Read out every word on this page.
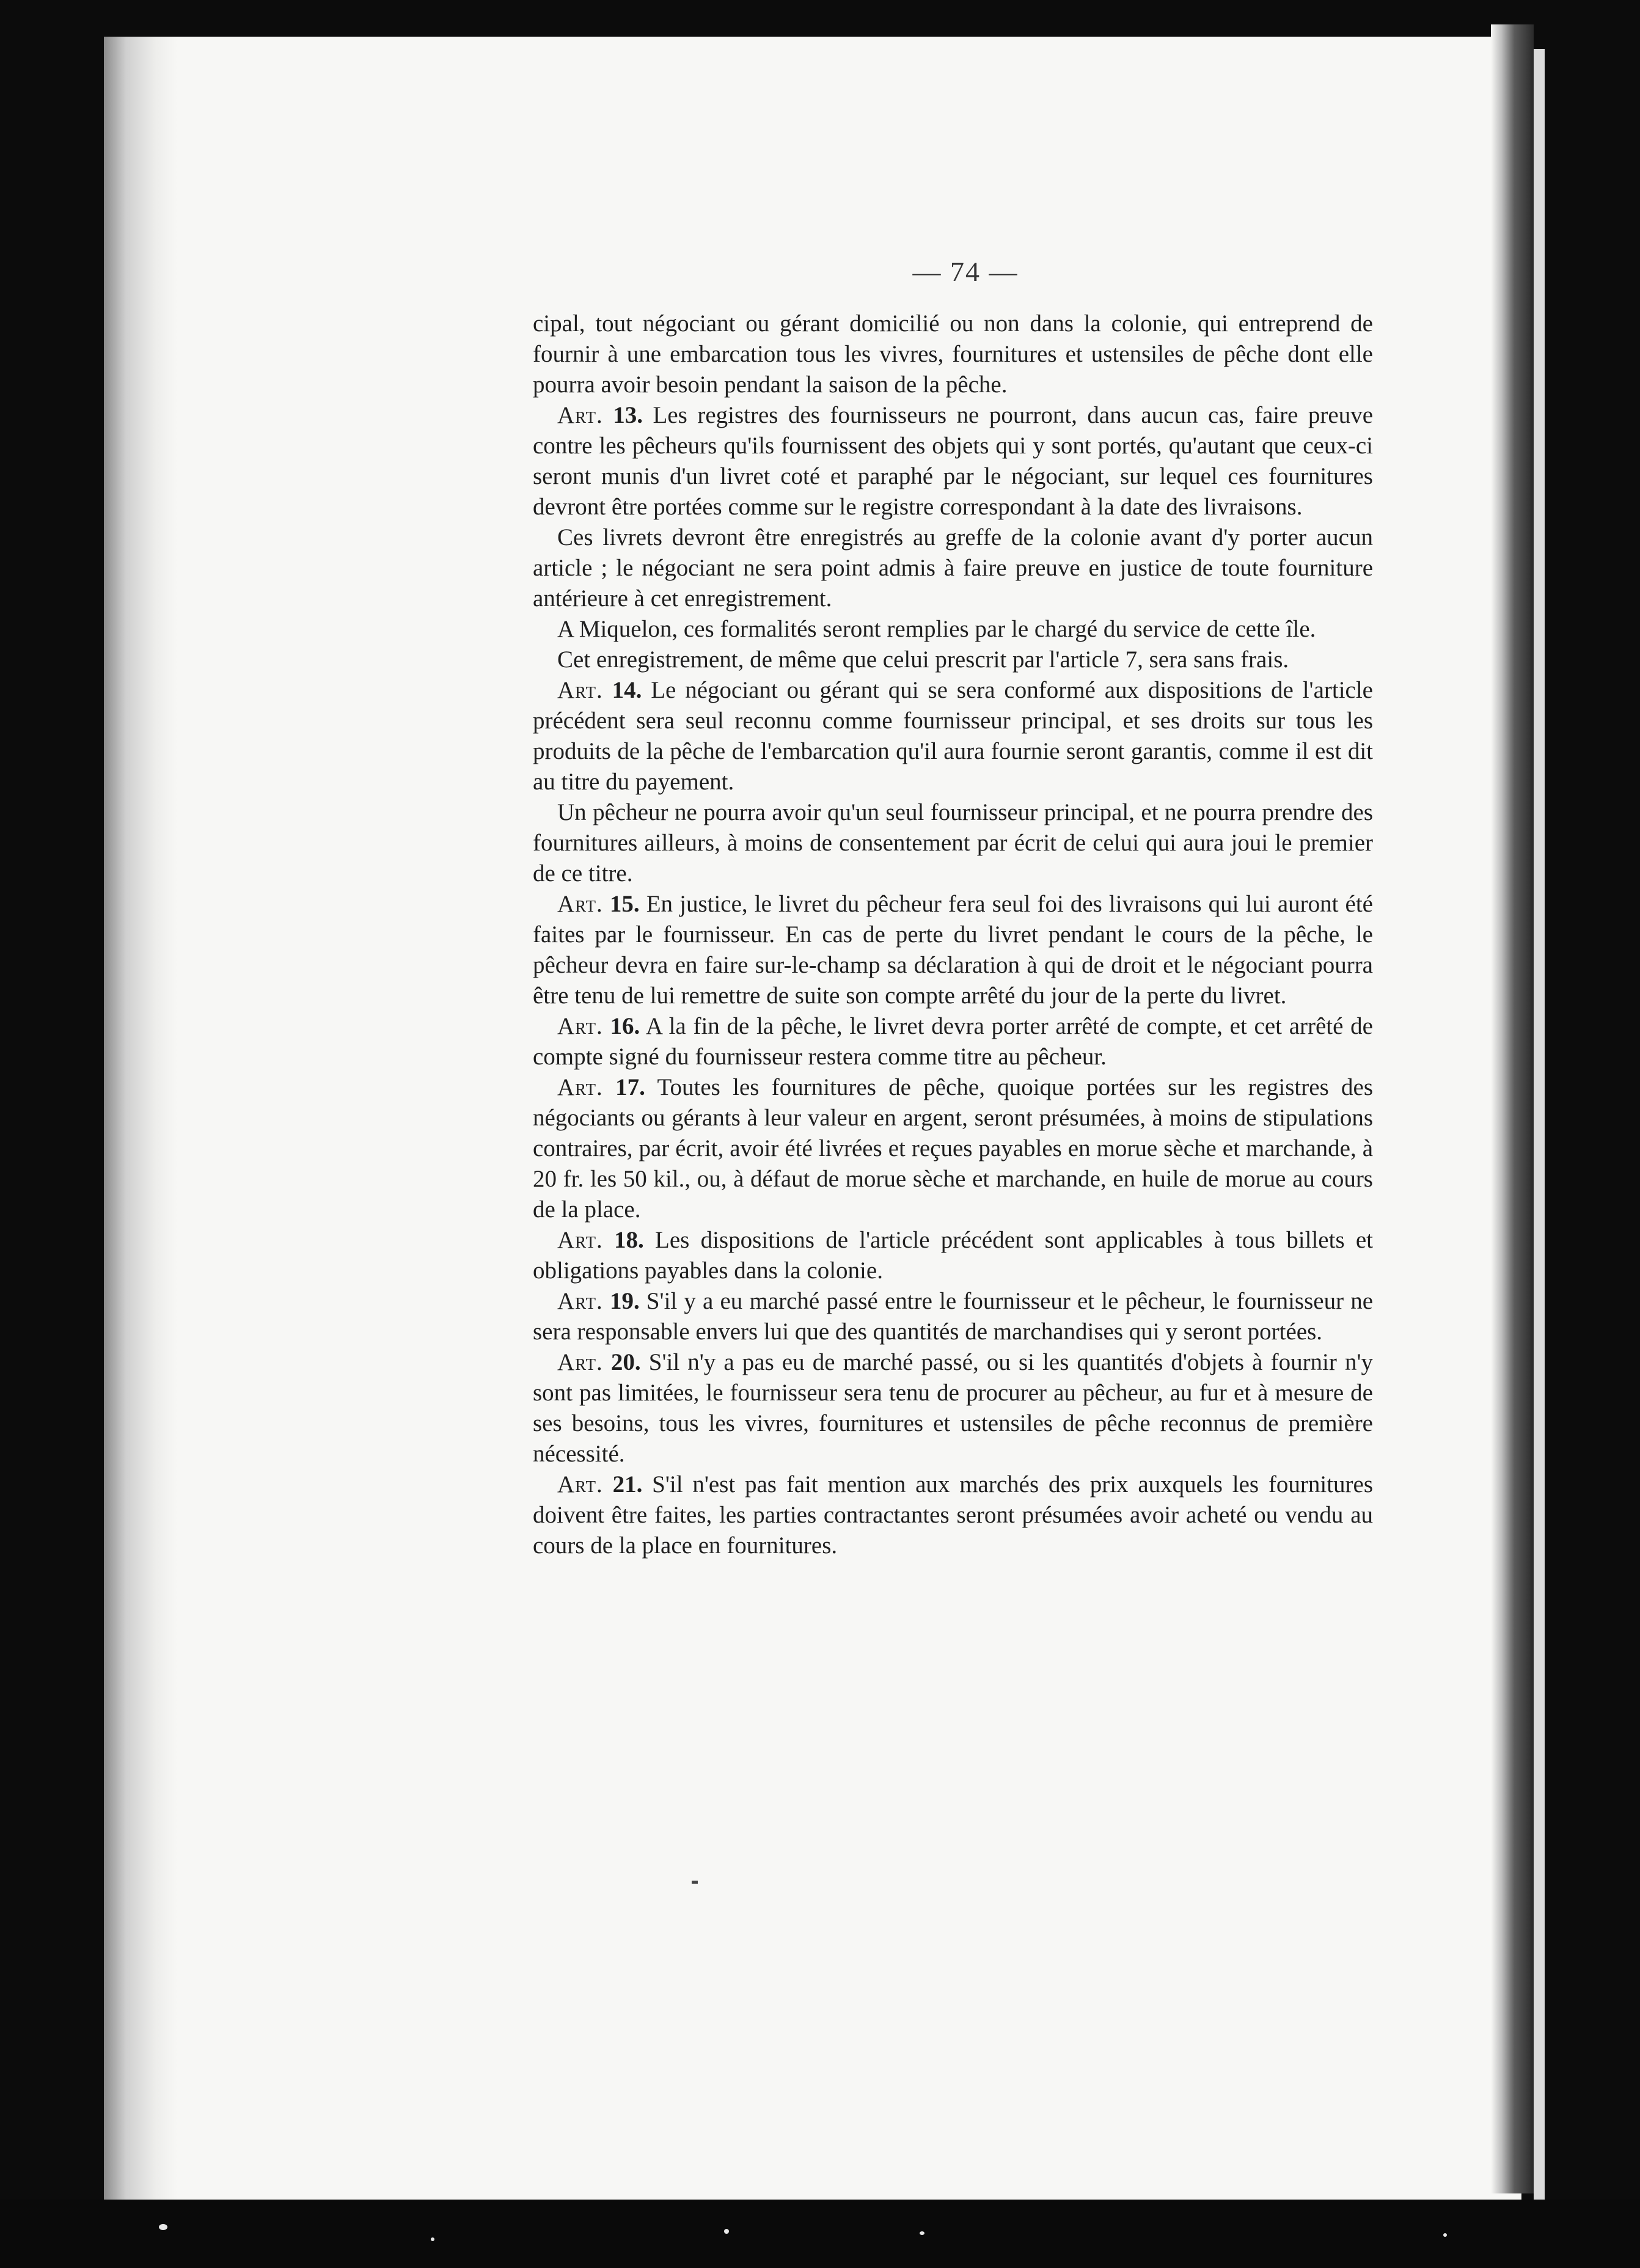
— 74 —

cipal, tout négociant ou gérant domicilié ou non dans la colonie, qui entreprend de fournir à une embarcation tous les vivres, fournitures et ustensiles de pêche dont elle pourra avoir besoin pendant la saison de la pêche.

Art. 13. Les registres des fournisseurs ne pourront, dans aucun cas, faire preuve contre les pêcheurs qu'ils fournissent des objets qui y sont portés, qu'autant que ceux-ci seront munis d'un livret coté et paraphé par le négociant, sur lequel ces fournitures devront être portées comme sur le registre correspondant à la date des livraisons.

Ces livrets devront être enregistrés au greffe de la colonie avant d'y porter aucun article ; le négociant ne sera point admis à faire preuve en justice de toute fourniture antérieure à cet enregistrement.

A Miquelon, ces formalités seront remplies par le chargé du service de cette île.

Cet enregistrement, de même que celui prescrit par l'article 7, sera sans frais.

Art. 14. Le négociant ou gérant qui se sera conformé aux dispositions de l'article précédent sera seul reconnu comme fournisseur principal, et ses droits sur tous les produits de la pêche de l'embarcation qu'il aura fournie seront garantis, comme il est dit au titre du payement.

Un pêcheur ne pourra avoir qu'un seul fournisseur principal, et ne pourra prendre des fournitures ailleurs, à moins de consentement par écrit de celui qui aura joui le premier de ce titre.

Art. 15. En justice, le livret du pêcheur fera seul foi des livraisons qui lui auront été faites par le fournisseur. En cas de perte du livret pendant le cours de la pêche, le pêcheur devra en faire sur-le-champ sa déclaration à qui de droit et le négociant pourra être tenu de lui remettre de suite son compte arrêté du jour de la perte du livret.

Art. 16. A la fin de la pêche, le livret devra porter arrêté de compte, et cet arrêté de compte signé du fournisseur restera comme titre au pêcheur.

Art. 17. Toutes les fournitures de pêche, quoique portées sur les registres des négociants ou gérants à leur valeur en argent, seront présumées, à moins de stipulations contraires, par écrit, avoir été livrées et reçues payables en morue sèche et marchande, à 20 fr. les 50 kil., ou, à défaut de morue sèche et marchande, en huile de morue au cours de la place.

Art. 18. Les dispositions de l'article précédent sont applicables à tous billets et obligations payables dans la colonie.

Art. 19. S'il y a eu marché passé entre le fournisseur et le pêcheur, le fournisseur ne sera responsable envers lui que des quantités de marchandises qui y seront portées.

Art. 20. S'il n'y a pas eu de marché passé, ou si les quantités d'objets à fournir n'y sont pas limitées, le fournisseur sera tenu de procurer au pêcheur, au fur et à mesure de ses besoins, tous les vivres, fournitures et ustensiles de pêche reconnus de première nécessité.

Art. 21. S'il n'est pas fait mention aux marchés des prix auxquels les fournitures doivent être faites, les parties contractantes seront présumées avoir acheté ou vendu au cours de la place en fournitures.
